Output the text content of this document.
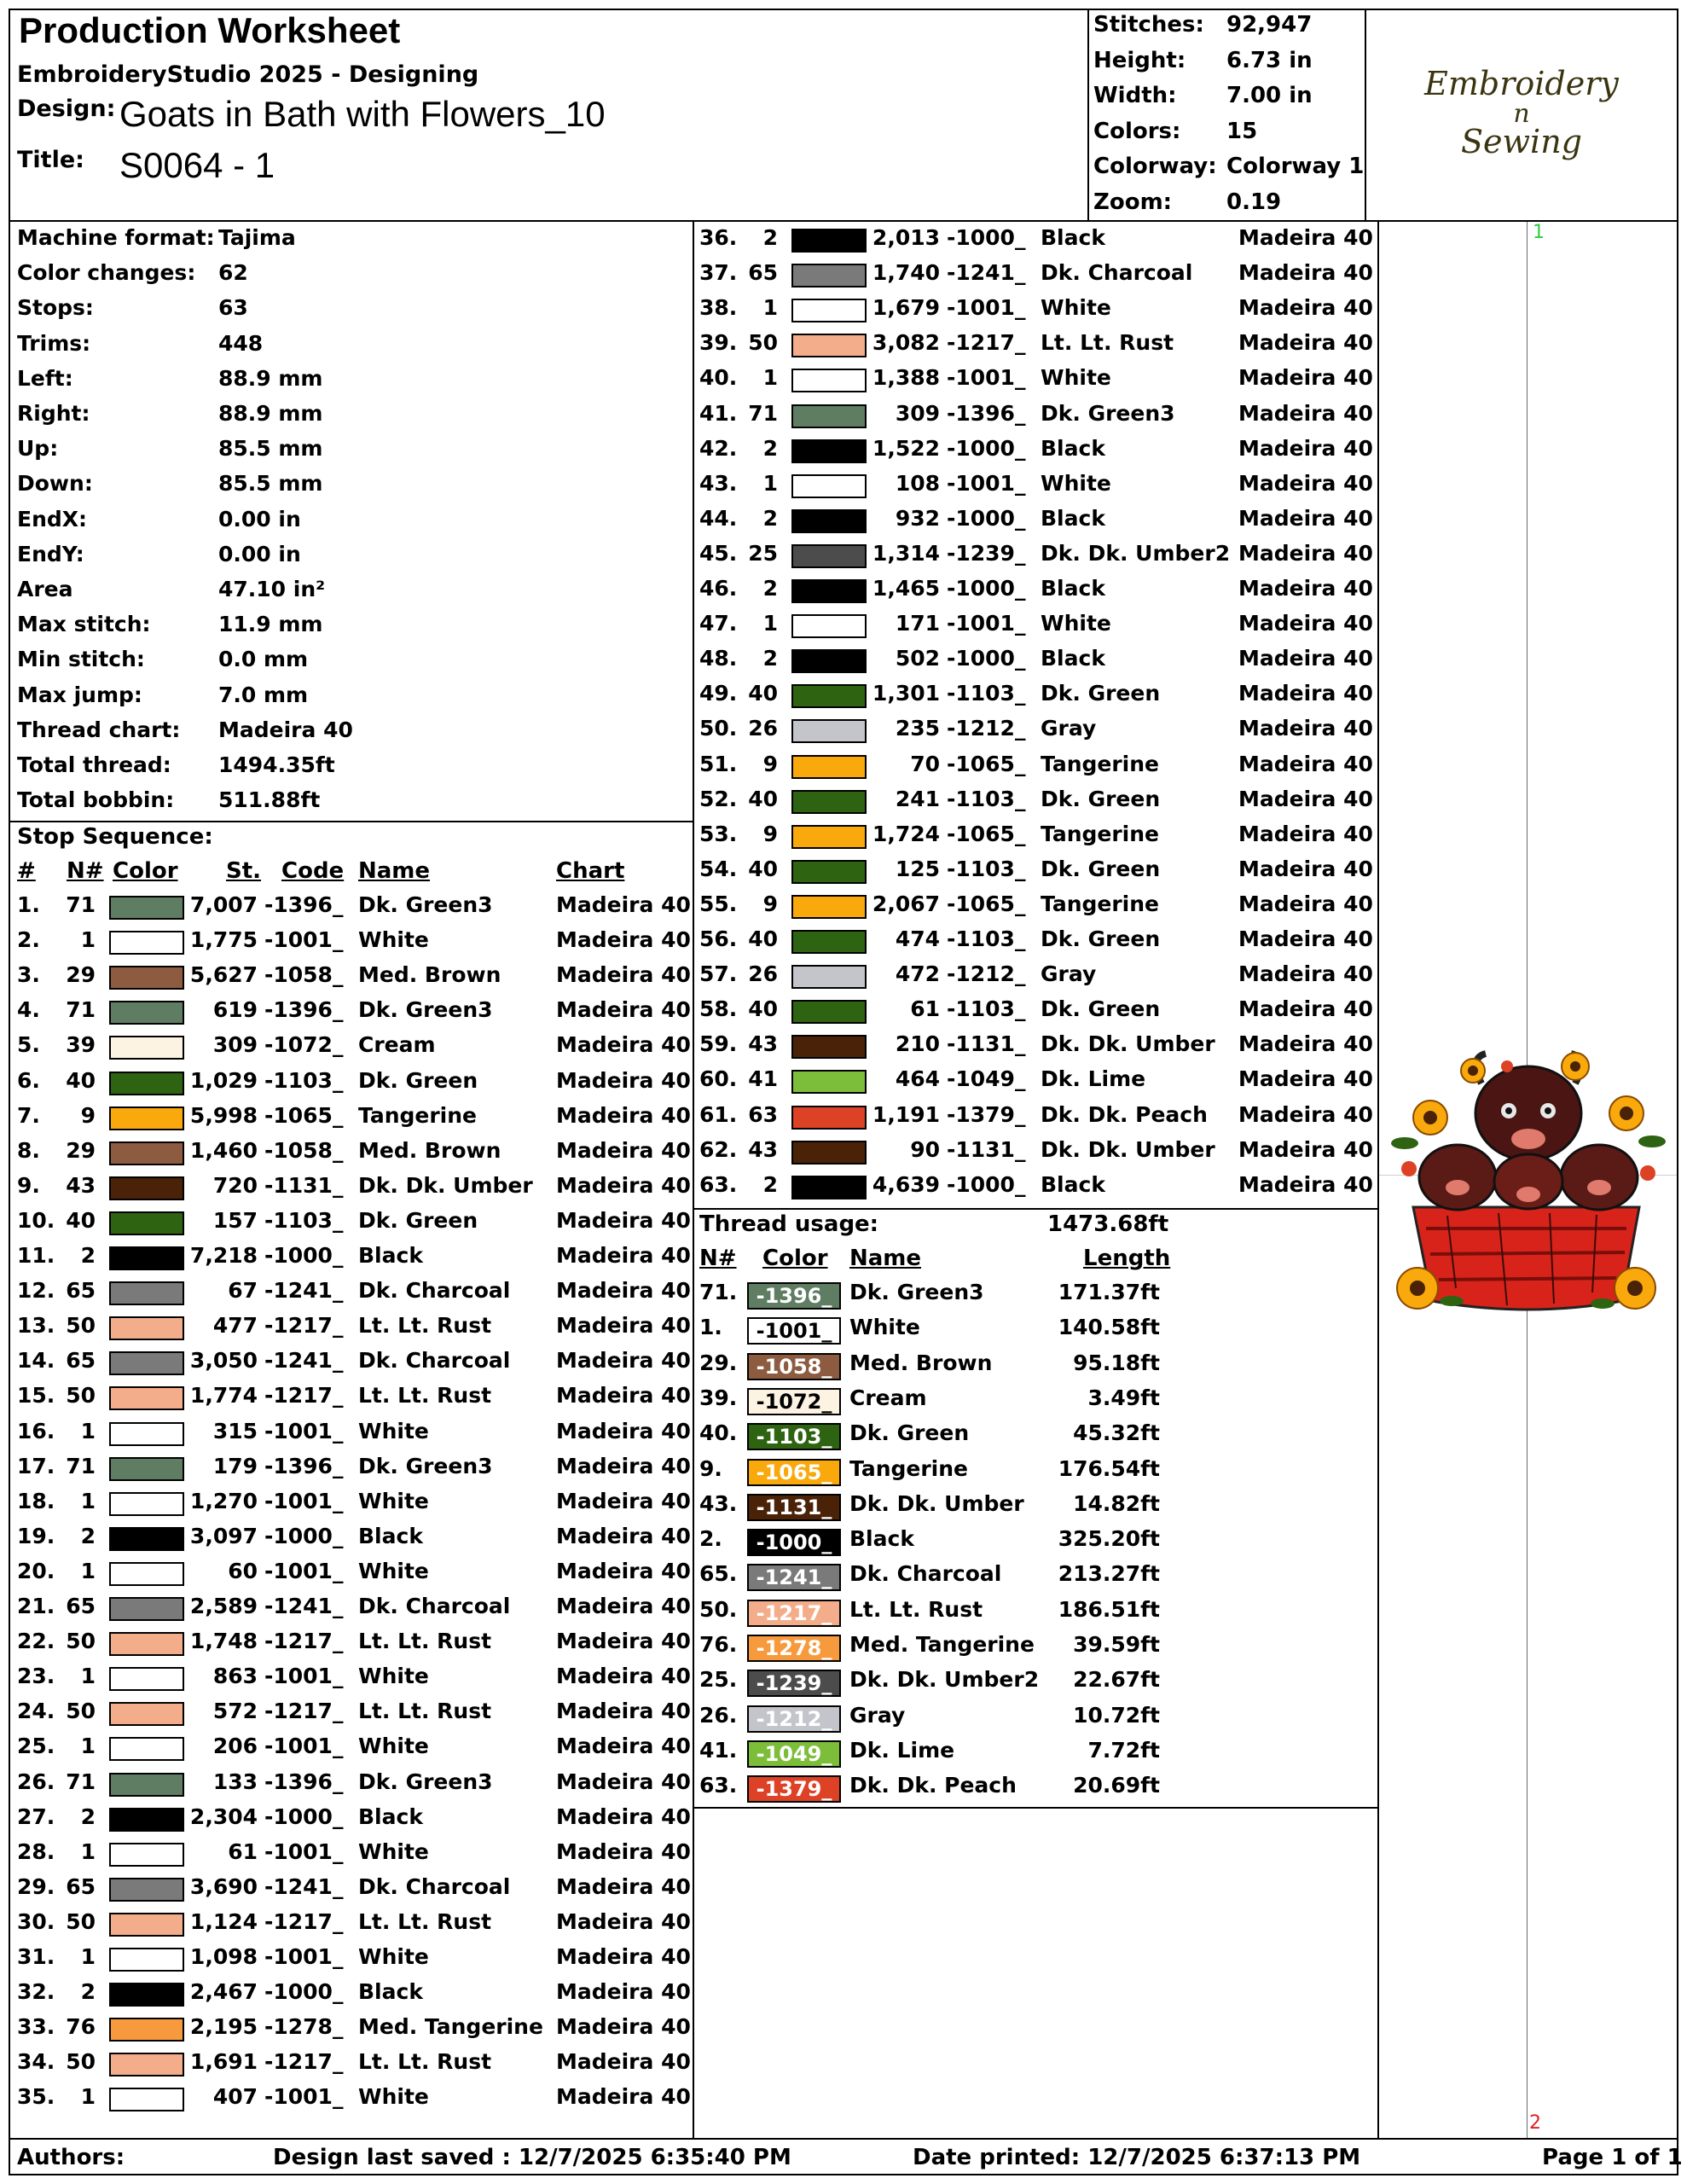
Production Worksheet
EmbroideryStudio 2025 - Designing
Design: Goats in Bath with Flowers_10
Title: S0064 - 1
Stitches: 92,947
Height: 6.73 in
Width: 7.00 in
Colors: 15
Colorway: Colorway 1
Zoom: 0.19
Embroidery
n
Sewing
Machine format: Tajima
Color changes: 62
Stops:	63
Trims:	448
Left:	88.9 mm
Right:	88.9 mm
Up:	85.5 mm
Down:	85.5 mm
EndX:	0.00 in
EndY:	0.00 in
Area	47.10 in²
Max stitch:	11.9 mm
Min stitch:	0.0 mm
Max jump:	7.0 mm
Thread chart: Madeira 40
Total thread: 1494.35ft
Total bobbin: 511.88ft
Stop Sequence:
# N# Color St. Code Name	Chart
1. 71	7,007 -1396_ Dk. Green3	Madeira 40
2.	1	1,775 -1001_ White	Madeira 40
3. 29	5,627 -1058_ Med. Brown	Madeira 40
4. 71	619 -1396_ Dk. Green3	Madeira 40
5. 39	309 -1072_ Cream	Madeira 40
6. 40	1,029 -1103_ Dk. Green	Madeira 40
7.	9	5,998 -1065_ Tangerine	Madeira 40
8. 29	1,460 -1058_ Med. Brown	Madeira 40
9. 43	720 -1131_ Dk. Dk. Umber Madeira 40
10. 40	157 -1103_ Dk. Green	Madeira 40
11.	2	7,218 -1000_ Black	Madeira 40
12. 65	67 -1241_ Dk. Charcoal Madeira 40
13. 50	477 -1217_ Lt. Lt. Rust	Madeira 40
14. 65	3,050 -1241_ Dk. Charcoal Madeira 40
15. 50	1,774 -1217_ Lt. Lt. Rust	Madeira 40
16.	1	315 -1001_ White	Madeira 40
17. 71	179 -1396_ Dk. Green3	Madeira 40
18.	1	1,270 -1001_ White	Madeira 40
19.	2	3,097 -1000_ Black	Madeira 40
20.	1	60 -1001_ White	Madeira 40
21. 65	2,589 -1241_ Dk. Charcoal Madeira 40
22. 50	1,748 -1217_ Lt. Lt. Rust	Madeira 40
23.	1	863 -1001_ White	Madeira 40
24. 50	572 -1217_ Lt. Lt. Rust	Madeira 40
25.	1	206 -1001_ White	Madeira 40
26. 71	133 -1396_ Dk. Green3	Madeira 40
27.	2	2,304 -1000_ Black	Madeira 40
28.	1	61 -1001_ White	Madeira 40
29. 65	3,690 -1241_ Dk. Charcoal Madeira 40
30. 50	1,124 -1217_ Lt. Lt. Rust	Madeira 40
31.	1	1,098 -1001_ White	Madeira 40
32.	2	2,467 -1000_ Black	Madeira 40
33. 76	2,195 -1278_ Med. Tangerine Madeira 40
34. 50	1,691 -1217_ Lt. Lt. Rust	Madeira 40
35.	1	407 -1001_ White	Madeira 40
36.	2	2,013 -1000_ Black	Madeira 40
37. 65	1,740 -1241_ Dk. Charcoal Madeira 40
38.	1	1,679 -1001_ White	Madeira 40
39. 50	3,082 -1217_ Lt. Lt. Rust	Madeira 40
40.	1	1,388 -1001_ White	Madeira 40
41. 71	309 -1396_ Dk. Green3	Madeira 40
42.	2	1,522 -1000_ Black	Madeira 40
43.	1	108 -1001_ White	Madeira 40
44.	2	932 -1000_ Black	Madeira 40
45. 25	1,314 -1239_ Dk. Dk. Umber2 Madeira 40
46.	2	1,465 -1000_ Black	Madeira 40
47.	1	171 -1001_ White	Madeira 40
48.	2	502 -1000_ Black	Madeira 40
49. 40	1,301 -1103_ Dk. Green	Madeira 40
50. 26	235 -1212_ Gray	Madeira 40
51.	9	70 -1065_ Tangerine	Madeira 40
52. 40	241 -1103_ Dk. Green	Madeira 40
53.	9	1,724 -1065_ Tangerine	Madeira 40
54. 40	125 -1103_ Dk. Green	Madeira 40
55.	9	2,067 -1065_ Tangerine	Madeira 40
56. 40	474 -1103_ Dk. Green	Madeira 40
57. 26	472 -1212_ Gray	Madeira 40
58. 40	61 -1103_ Dk. Green	Madeira 40
59. 43	210 -1131_ Dk. Dk. Umber Madeira 40
60. 41	464 -1049_ Dk. Lime	Madeira 40
61. 63	1,191 -1379_ Dk. Dk. Peach Madeira 40
62. 43	90 -1131_ Dk. Dk. Umber Madeira 40
63.	2	4,639 -1000_ Black	Madeira 40
Thread usage:	1473.68ft
N# Color Name	Length
71. -1396_ Dk. Green3	171.37ft
1.	-1001_ White	140.58ft
29. -1058_ Med. Brown	95.18ft
39. -1072_ Cream	3.49ft
40. -1103_ Dk. Green	45.32ft
9.	-1065_ Tangerine	176.54ft
43. -1131_ Dk. Dk. Umber	14.82ft
2.	-1000_ Black	325.20ft
65. -1241_ Dk. Charcoal	213.27ft
50. -1217_ Lt. Lt. Rust	186.51ft
76. -1278_ Med. Tangerine	39.59ft
25. -1239_ Dk. Dk. Umber2	22.67ft
26. -1212_ Gray	10.72ft
41. -1049_ Dk. Lime	7.72ft
63. -1379_ Dk. Dk. Peach	20.69ft
1
2
Authors:	Design last saved : 12/7/2025 6:35:40 PM	Date printed: 12/7/2025 6:37:13 PM	Page 1 of 1
